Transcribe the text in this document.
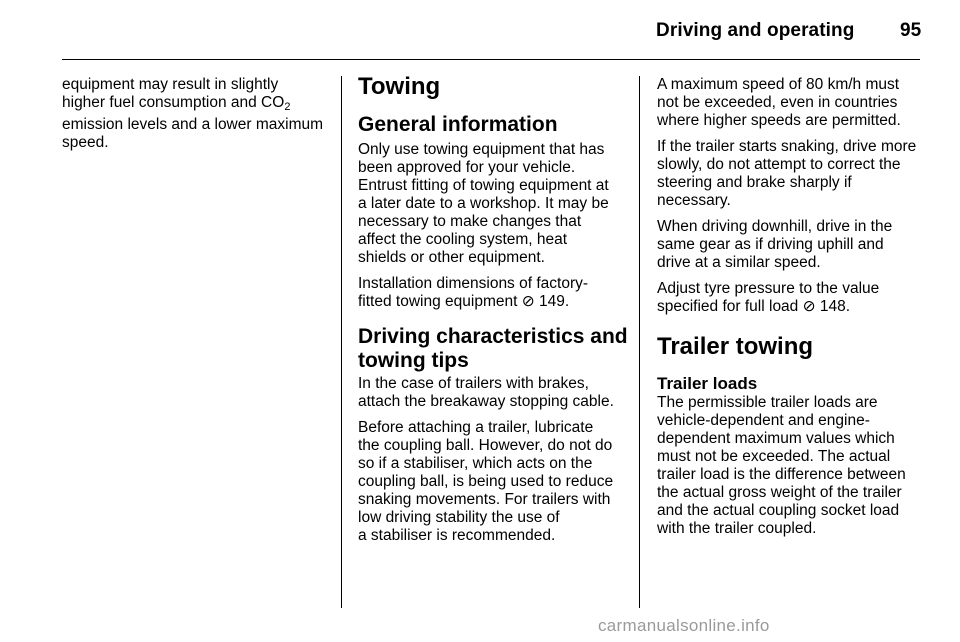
Driving and operating 95

equipment may result in slightly
higher fuel consumption and $CO_2$
emission levels and a lower maximum
speed.

Towing
General information

Only use towing equipment that has
been approved for your vehicle.
Entrust fitting of towing equipment at
a later date to a workshop. It may be
necessary to make changes that
affect the cooling system, heat
shields or other equipment.

Installation dimensions of factory-
fitted towing equipment ⊘ 149.

Driving characteristics and
towing tips

In the case of trailers with brakes,
attach the breakaway stopping cable.

Before attaching a trailer, lubricate
the coupling ball. However, do not do
so if a stabiliser, which acts on the
coupling ball, is being used to reduce
snaking movements. For trailers with
low driving stability the use of
a stabiliser is recommended.

A maximum speed of 80 km/h must
not be exceeded, even in countries
where higher speeds are permitted.

If the trailer starts snaking, drive more
slowly, do not attempt to correct the
steering and brake sharply if
necessary.

When driving downhill, drive in the
same gear as if driving uphill and
drive at a similar speed.

Adjust tyre pressure to the value
specified for full load ⊘ 148.

Trailer towing
Trailer loads

The permissible trailer loads are
vehicle-dependent and engine-
dependent maximum values which
must not be exceeded. The actual
trailer load is the difference between
the actual gross weight of the trailer
and the actual coupling socket load
with the trailer coupled.

carmanualsonline.info
